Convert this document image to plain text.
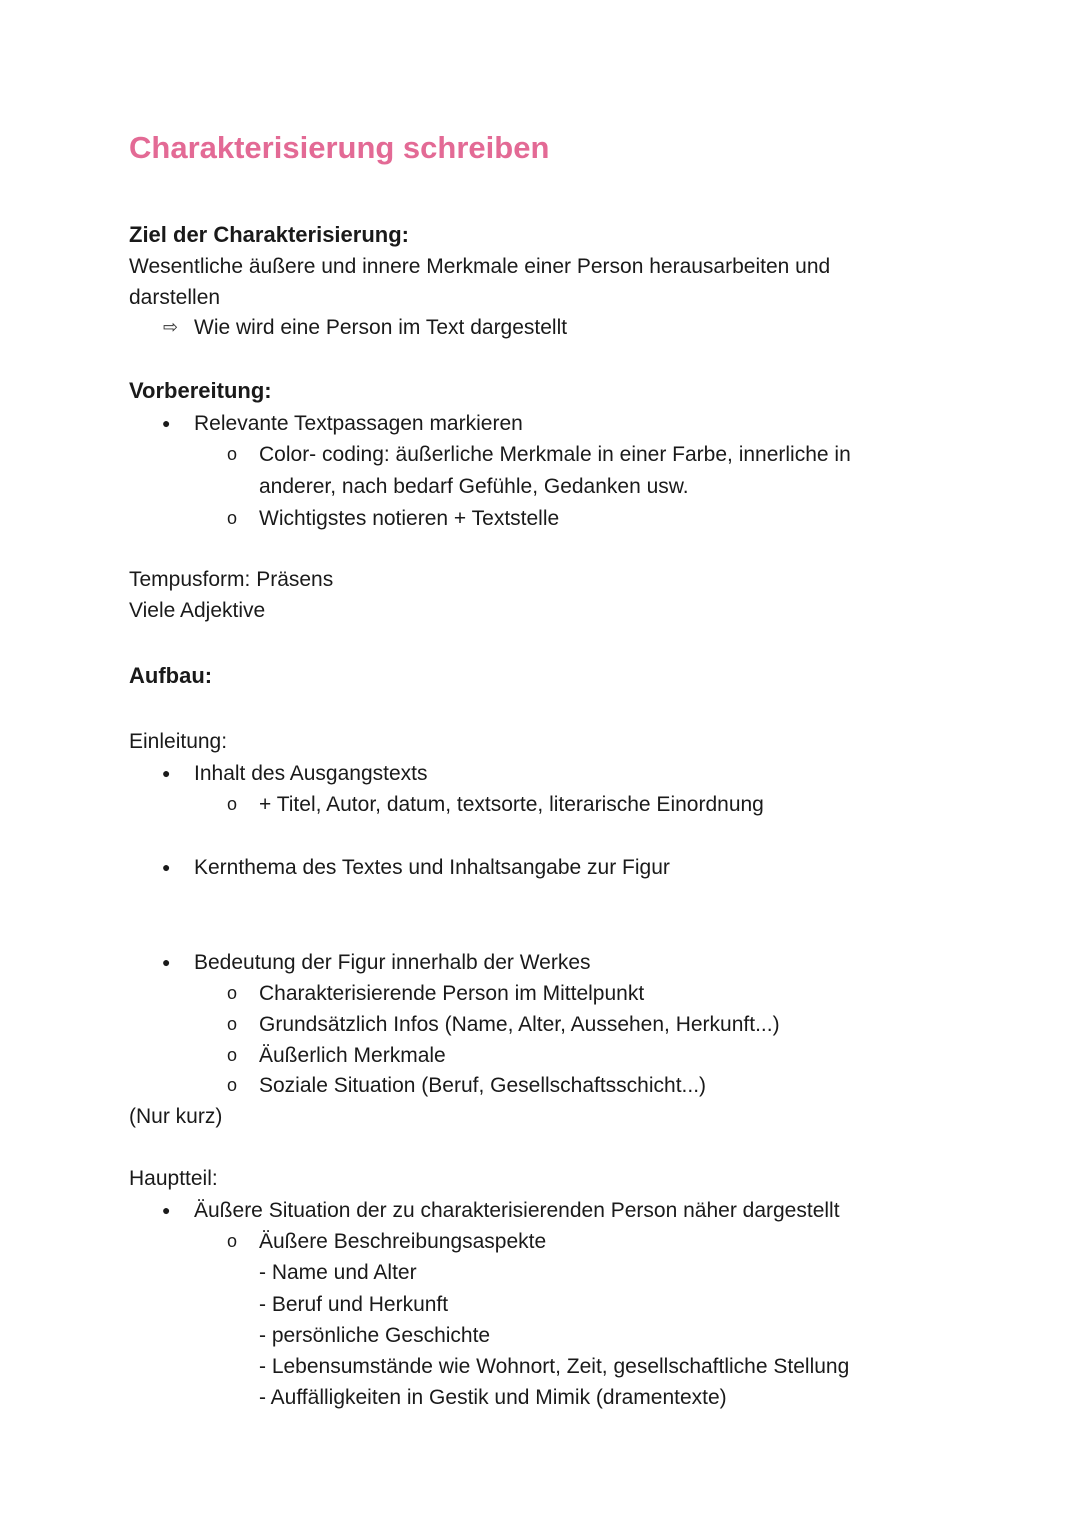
Charakterisierung schreiben
Ziel der Charakterisierung:
Wesentliche äußere und innere Merkmale einer Person herausarbeiten und
darstellen
⇨ Wie wird eine Person im Text dargestellt
Vorbereitung:
● Relevante Textpassagen markieren
o Color- coding: äußerliche Merkmale in einer Farbe, innerliche in
anderer, nach bedarf Gefühle, Gedanken usw.
o Wichtigstes notieren + Textstelle
Tempusform: Präsens
Viele Adjektive
Aufbau:
Einleitung:
● Inhalt des Ausgangstexts
o + Titel, Autor, datum, textsorte, literarische Einordnung
● Kernthema des Textes und Inhaltsangabe zur Figur
● Bedeutung der Figur innerhalb der Werkes
o Charakterisierende Person im Mittelpunkt
o Grundsätzlich Infos (Name, Alter, Aussehen, Herkunft...)
o Äußerlich Merkmale
o Soziale Situation (Beruf, Gesellschaftsschicht...)
(Nur kurz)
Hauptteil:
● Äußere Situation der zu charakterisierenden Person näher dargestellt
o Äußere Beschreibungsaspekte
- Name und Alter
- Beruf und Herkunft
- persönliche Geschichte
- Lebensumstände wie Wohnort, Zeit, gesellschaftliche Stellung
- Auffälligkeiten in Gestik und Mimik (dramentexte)
